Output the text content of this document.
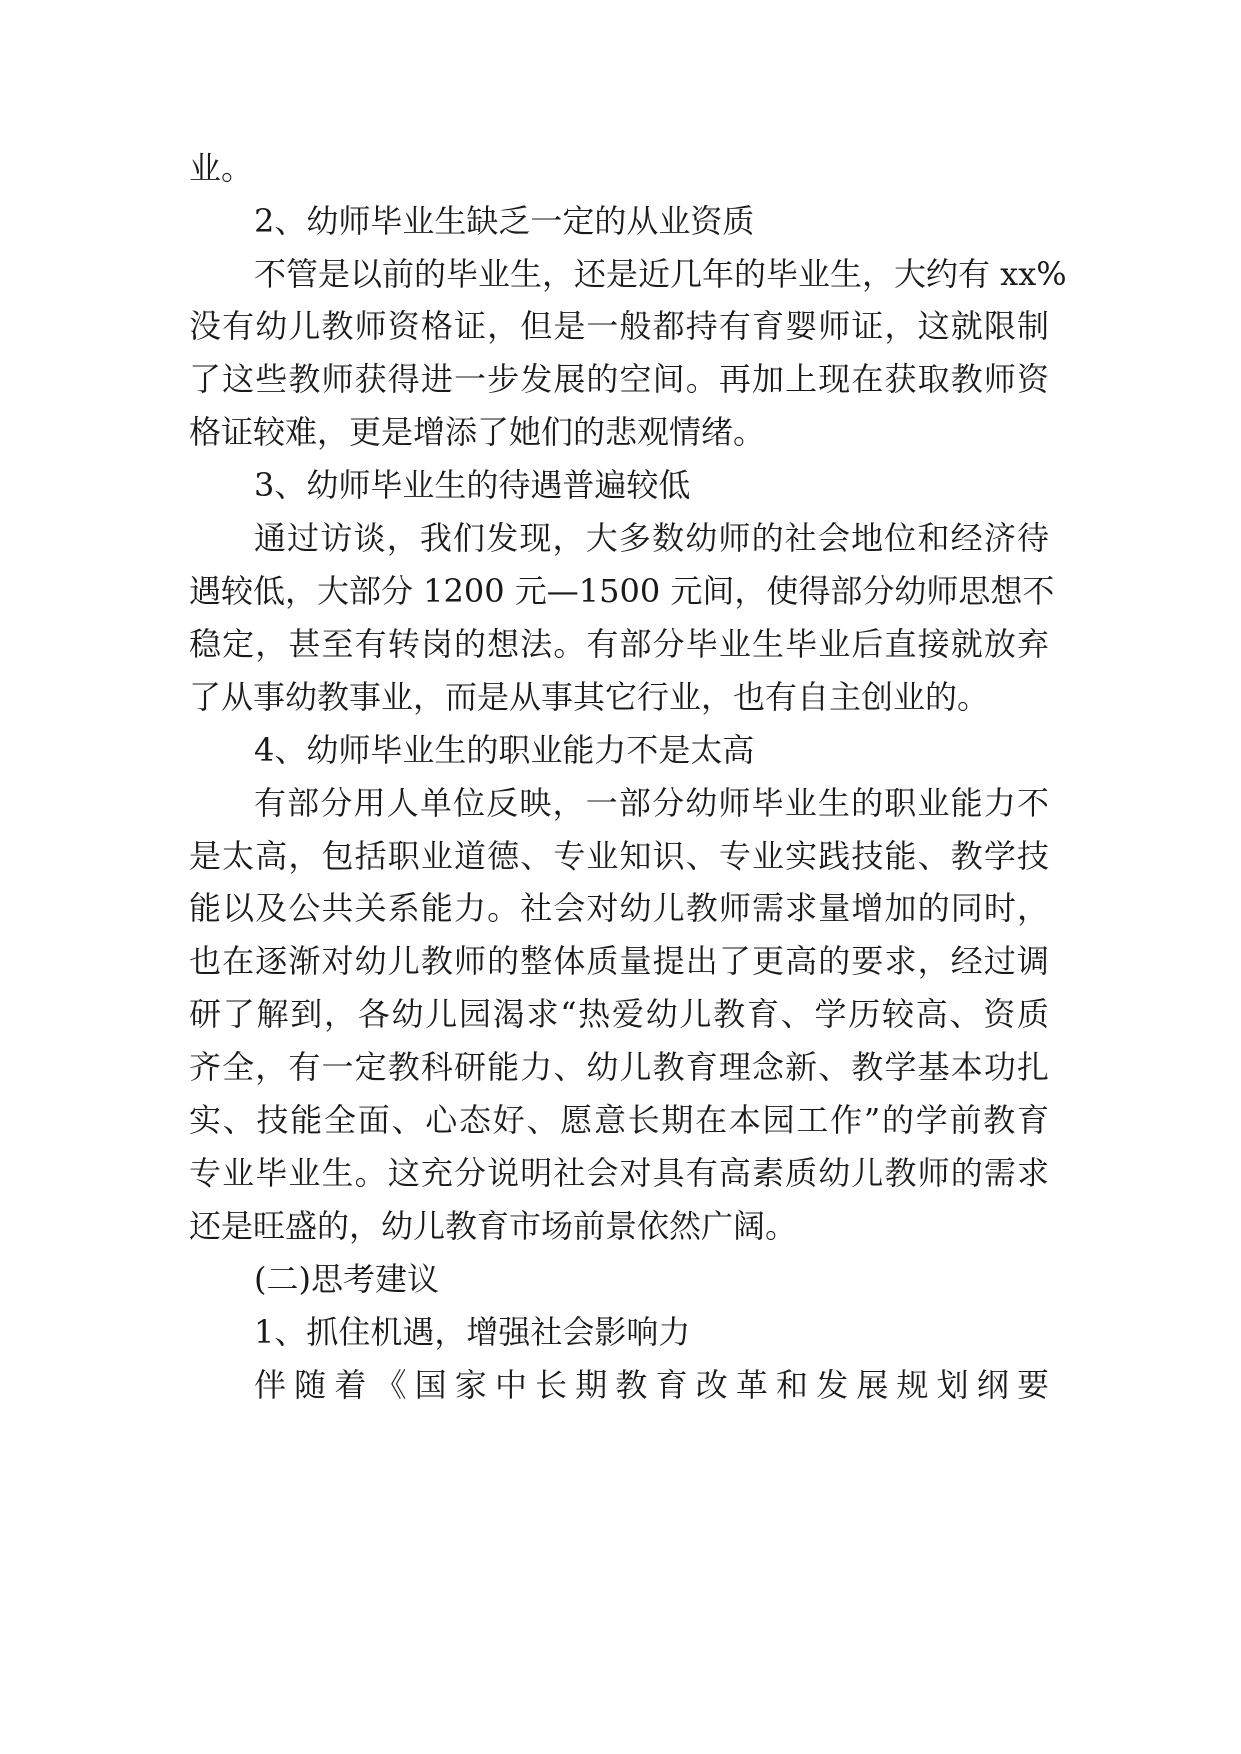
业。
2、幼师毕业生缺乏一定的从业资质
不管是以前的毕业生，还是近几年的毕业生，大约有 xx%
没有幼儿教师资格证，但是一般都持有育婴师证，这就限制
了这些教师获得进一步发展的空间。再加上现在获取教师资
格证较难，更是增添了她们的悲观情绪。
3、幼师毕业生的待遇普遍较低
通过访谈，我们发现，大多数幼师的社会地位和经济待
遇较低，大部分 1200 元—1500 元间，使得部分幼师思想不
稳定，甚至有转岗的想法。有部分毕业生毕业后直接就放弃
了从事幼教事业，而是从事其它行业，也有自主创业的。
4、幼师毕业生的职业能力不是太高
有部分用人单位反映，一部分幼师毕业生的职业能力不
是太高，包括职业道德、专业知识、专业实践技能、教学技
能以及公共关系能力。社会对幼儿教师需求量增加的同时，
也在逐渐对幼儿教师的整体质量提出了更高的要求，经过调
研了解到，各幼儿园渴求“热爱幼儿教育、学历较高、资质
齐全，有一定教科研能力、幼儿教育理念新、教学基本功扎
实、技能全面、心态好、愿意长期在本园工作”的学前教育
专业毕业生。这充分说明社会对具有高素质幼儿教师的需求
还是旺盛的，幼儿教育市场前景依然广阔。
(二)思考建议
1、抓住机遇，增强社会影响力
伴随着《国家中长期教育改革和发展规划纲要
